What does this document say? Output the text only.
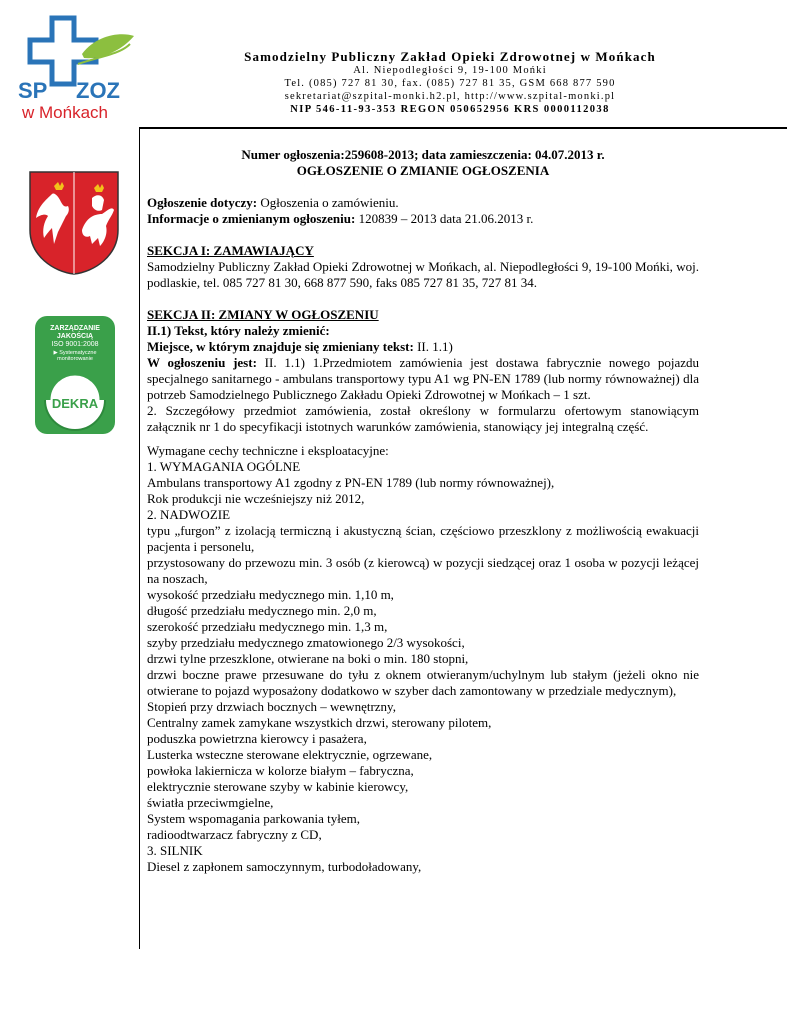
SP ZOZ
w Mońkach
Samodzielny Publiczny Zakład Opieki Zdrowotnej w Mońkach
Al. Niepodległości 9, 19-100 Mońki
Tel. (085) 727 81 30, fax. (085) 727 81 35, GSM 668 877 590
sekretariat@szpital-monki.h2.pl, http://www.szpital-monki.pl
NIP 546-11-93-353 REGON 050652956 KRS 0000112038
ZARZĄDZANIE
JAKOŚCIĄ
ISO 9001:2008
▶ Systematyczne
monitorowanie
DEKRA

Numer ogłoszenia:259608-2013; data zamieszczenia: 04.07.2013 r.

OGŁOSZENIE O ZMIANIE OGŁOSZENIA

Ogłoszenie dotyczy: Ogłoszenia o zamówieniu.

Informacje o zmienianym ogłoszeniu: 120839 – 2013 data 21.06.2013 r.

SEKCJA I: ZAMAWIAJĄCY

Samodzielny Publiczny Zakład Opieki Zdrowotnej w Mońkach, al. Niepodległości 9, 19-100 Mońki, woj. podlaskie, tel. 085 727 81 30, 668 877 590, faks 085 727 81 35, 727 81 34.

SEKCJA II: ZMIANY W OGŁOSZENIU

II.1) Tekst, który należy zmienić:

Miejsce, w którym znajduje się zmieniany tekst: II. 1.1)

W ogłoszeniu jest: II. 1.1) 1.Przedmiotem zamówienia jest dostawa fabrycznie nowego pojazdu specjalnego sanitarnego - ambulans transportowy typu A1 wg PN-EN 1789 (lub normy równoważnej) dla potrzeb Samodzielnego Publicznego Zakładu Opieki Zdrowotnej w Mońkach – 1 szt.

2. Szczegółowy przedmiot zamówienia, został określony w formularzu ofertowym stanowiącym załącznik nr 1 do specyfikacji istotnych warunków zamówienia, stanowiący jej integralną część.

Wymagane cechy techniczne i eksploatacyjne:

1. WYMAGANIA OGÓLNE

Ambulans transportowy A1 zgodny z PN-EN 1789 (lub normy równoważnej),

Rok produkcji nie wcześniejszy niż 2012,

2. NADWOZIE

typu „furgon” z izolacją termiczną i akustyczną ścian, częściowo przeszklony z możliwością ewakuacji pacjenta i personelu,

przystosowany do przewozu min. 3 osób (z kierowcą) w pozycji siedzącej oraz 1 osoba w pozycji leżącej na noszach,

wysokość przedziału medycznego min. 1,10 m,

długość przedziału medycznego min. 2,0 m,

szerokość przedziału medycznego min. 1,3 m,

szyby przedziału medycznego zmatowionego 2/3 wysokości,

drzwi tylne przeszklone, otwierane na boki o min. 180 stopni,

drzwi boczne prawe przesuwane do tyłu z oknem otwieranym/uchylnym lub stałym (jeżeli okno nie otwierane to pojazd wyposażony dodatkowo w szyber dach zamontowany w przedziale medycznym),

Stopień przy drzwiach bocznych – wewnętrzny,

Centralny zamek zamykane wszystkich drzwi, sterowany pilotem,

poduszka powietrzna kierowcy i pasażera,

Lusterka wsteczne sterowane elektrycznie, ogrzewane,

powłoka lakiernicza w kolorze białym – fabryczna,

elektrycznie sterowane szyby w kabinie kierowcy,

światła przeciwmgielne,

System wspomagania parkowania tyłem,

radioodtwarzacz fabryczny z CD,

3. SILNIK

Diesel z zapłonem samoczynnym, turbodoładowany,
